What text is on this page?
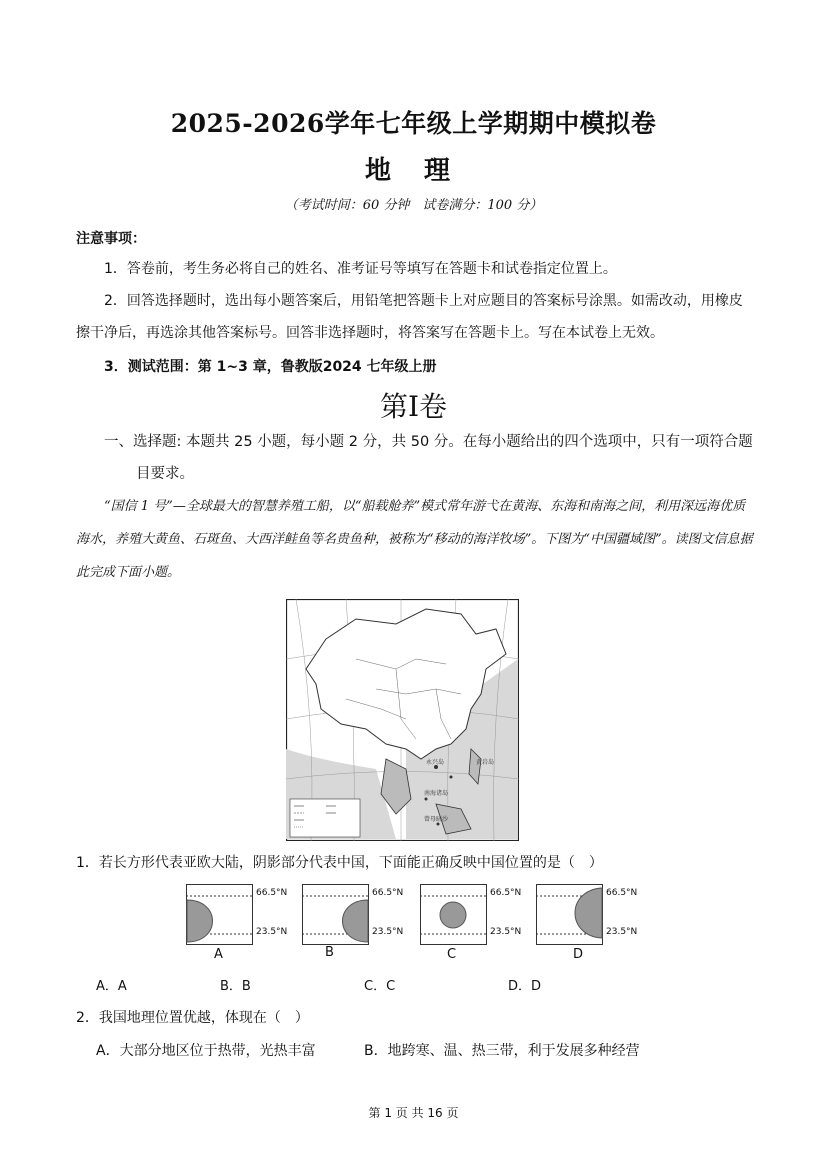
2025-2026学年七年级上学期期中模拟卷
地 理
（考试时间：60 分钟　试卷满分：100 分）
注意事项：
1．答卷前，考生务必将自己的姓名、准考证号等填写在答题卡和试卷指定位置上。
2．回答选择题时，选出每小题答案后，用铅笔把答题卡上对应题目的答案标号涂黑。如需改动，用橡皮擦干净后，再选涂其他答案标号。回答非选择题时，将答案写在答题卡上。写在本试卷上无效。
3．测试范围：第 1~3 章，鲁教版2024 七年级上册
第Ⅰ卷
一、选择题: 本题共 25 小题，每小题 2 分，共 50 分。在每小题给出的四个选项中，只有一项符合题目要求。
“国信 1 号”—全球最大的智慧养殖工船，以“船载舱养”模式常年游弋在黄海、东海和南海之间，利用深远海优质海水，养殖大黄鱼、石斑鱼、大西洋鲑鱼等名贵鱼种，被称为“移动的海洋牧场”。下图为“中国疆域图”。读图文信息据此完成下面小题。
黄岩岛
永兴岛
南海诸岛
曾母暗沙
1．若长方形代表亚欧大陆，阴影部分代表中国，下面能正确反映中国位置的是（　）
66.5°N
23.5°N
A
66.5°N
23.5°N
B
66.5°N
23.5°N
C
66.5°N
23.5°N
D
A．A	B．B	C．C	D．D
2．我国地理位置优越，体现在（　）
A．大部分地区位于热带，光热丰富	B．地跨寒、温、热三带，利于发展多种经营
第 1 页 共 16 页
